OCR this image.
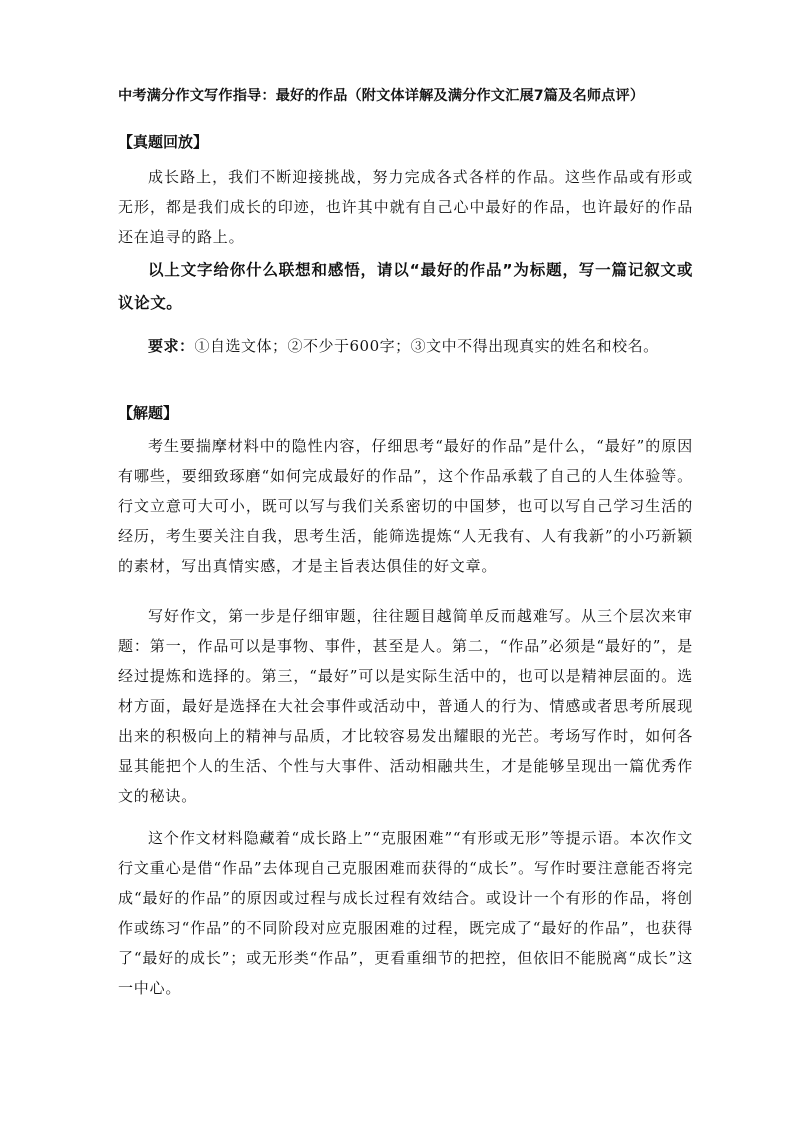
中考满分作文写作指导：最好的作品（附文体详解及满分作文汇展7篇及名师点评）
【真题回放】
成长路上，我们不断迎接挑战，努力完成各式各样的作品。这些作品或有形或无形，都是我们成长的印迹，也许其中就有自己心中最好的作品，也许最好的作品还在追寻的路上。
以上文字给你什么联想和感悟，请以“最好的作品”为标题，写一篇记叙文或议论文。
要求：①自选文体；②不少于600字；③文中不得出现真实的姓名和校名。
【解题】
考生要揣摩材料中的隐性内容，仔细思考“最好的作品”是什么，“最好”的原因有哪些，要细致琢磨“如何完成最好的作品”，这个作品承载了自己的人生体验等。行文立意可大可小，既可以写与我们关系密切的中国梦，也可以写自己学习生活的经历，考生要关注自我，思考生活，能筛选提炼“人无我有、人有我新”的小巧新颖的素材，写出真情实感，才是主旨表达俱佳的好文章。
写好作文，第一步是仔细审题，往往题目越简单反而越难写。从三个层次来审题：第一，作品可以是事物、事件，甚至是人。第二，“作品”必须是“最好的”，是经过提炼和选择的。第三，“最好”可以是实际生活中的，也可以是精神层面的。选材方面，最好是选择在大社会事件或活动中，普通人的行为、情感或者思考所展现出来的积极向上的精神与品质，才比较容易发出耀眼的光芒。考场写作时，如何各显其能把个人的生活、个性与大事件、活动相融共生，才是能够呈现出一篇优秀作文的秘诀。
这个作文材料隐藏着“成长路上”“克服困难”“有形或无形”等提示语。本次作文行文重心是借“作品”去体现自己克服困难而获得的“成长”。写作时要注意能否将完成“最好的作品”的原因或过程与成长过程有效结合。或设计一个有形的作品，将创作或练习“作品”的不同阶段对应克服困难的过程，既完成了“最好的作品”，也获得了“最好的成长”；或无形类“作品”，更看重细节的把控，但依旧不能脱离“成长”这一中心。
